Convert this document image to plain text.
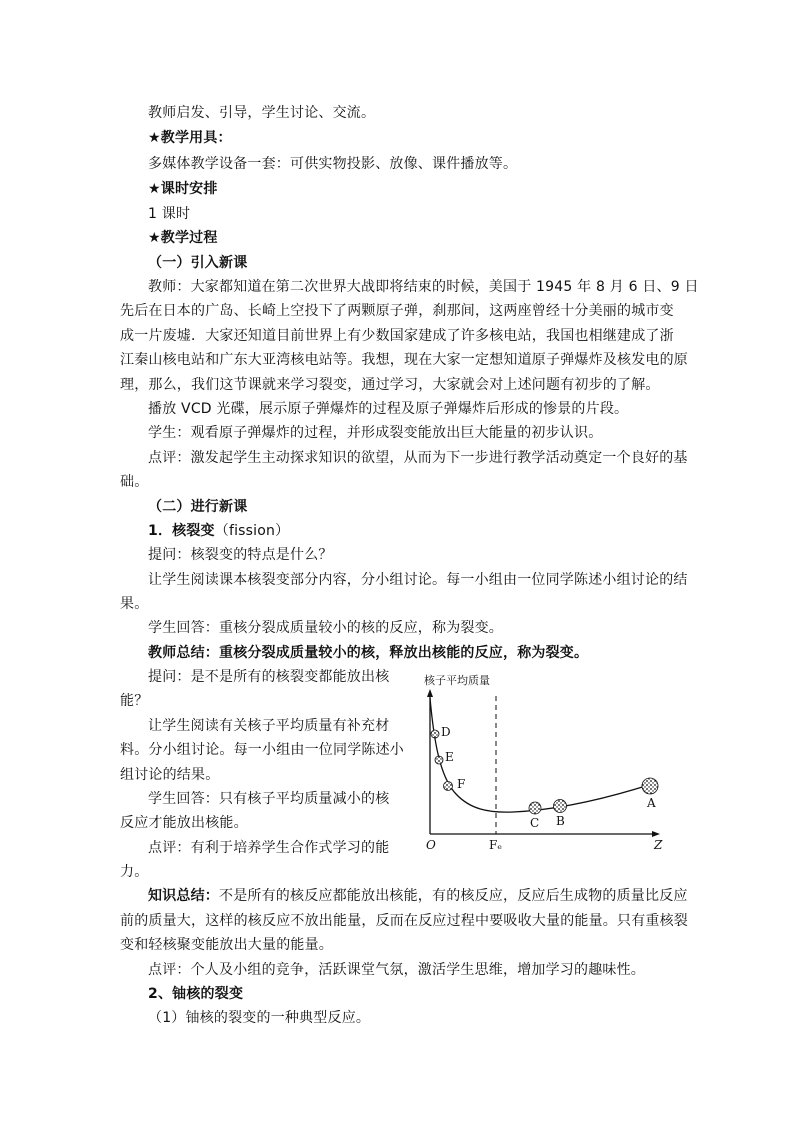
教师启发、引导，学生讨论、交流。
★教学用具：
多媒体教学设备一套：可供实物投影、放像、课件播放等。
★课时安排
1 课时
★教学过程
（一）引入新课
教师：大家都知道在第二次世界大战即将结束的时候，美国于 1945 年 8 月 6 日、9 日
先后在日本的广岛、长崎上空投下了两颗原子弹，刹那间，这两座曾经十分美丽的城市变
成一片废墟．大家还知道目前世界上有少数国家建成了许多核电站，我国也相继建成了浙
江秦山核电站和广东大亚湾核电站等。我想，现在大家一定想知道原子弹爆炸及核发电的原
理，那么，我们这节课就来学习裂变，通过学习，大家就会对上述问题有初步的了解。
播放 VCD 光碟，展示原子弹爆炸的过程及原子弹爆炸后形成的惨景的片段。
学生：观看原子弹爆炸的过程，并形成裂变能放出巨大能量的初步认识。
点评：激发起学生主动探求知识的欲望，从而为下一步进行教学活动奠定一个良好的基
础。
（二）进行新课
1．核裂变（fission）
提问：核裂变的特点是什么？
让学生阅读课本核裂变部分内容，分小组讨论。每一小组由一位同学陈述小组讨论的结
果。
学生回答：重核分裂成质量较小的核的反应，称为裂变。
教师总结：重核分裂成质量较小的核，释放出核能的反应，称为裂变。
提问：是不是所有的核裂变都能放出核
能？
让学生阅读有关核子平均质量有补充材
料。分小组讨论。每一小组由一位同学陈述小
组讨论的结果。
学生回答：只有核子平均质量减小的核
反应才能放出核能。
点评：有利于培养学生合作式学习的能
力。
知识总结：不是所有的核反应都能放出核能，有的核反应，反应后生成物的质量比反应
前的质量大，这样的核反应不放出能量，反而在反应过程中要吸收大量的能量。只有重核裂
变和轻核聚变能放出大量的能量。
点评：个人及小组的竞争，活跃课堂气氛，激活学生思维，增加学习的趣味性。
2、铀核的裂变
（1）铀核的裂变的一种典型反应。
核子平均质量
D
E
F
C B
A
O	Fₑ	Z
